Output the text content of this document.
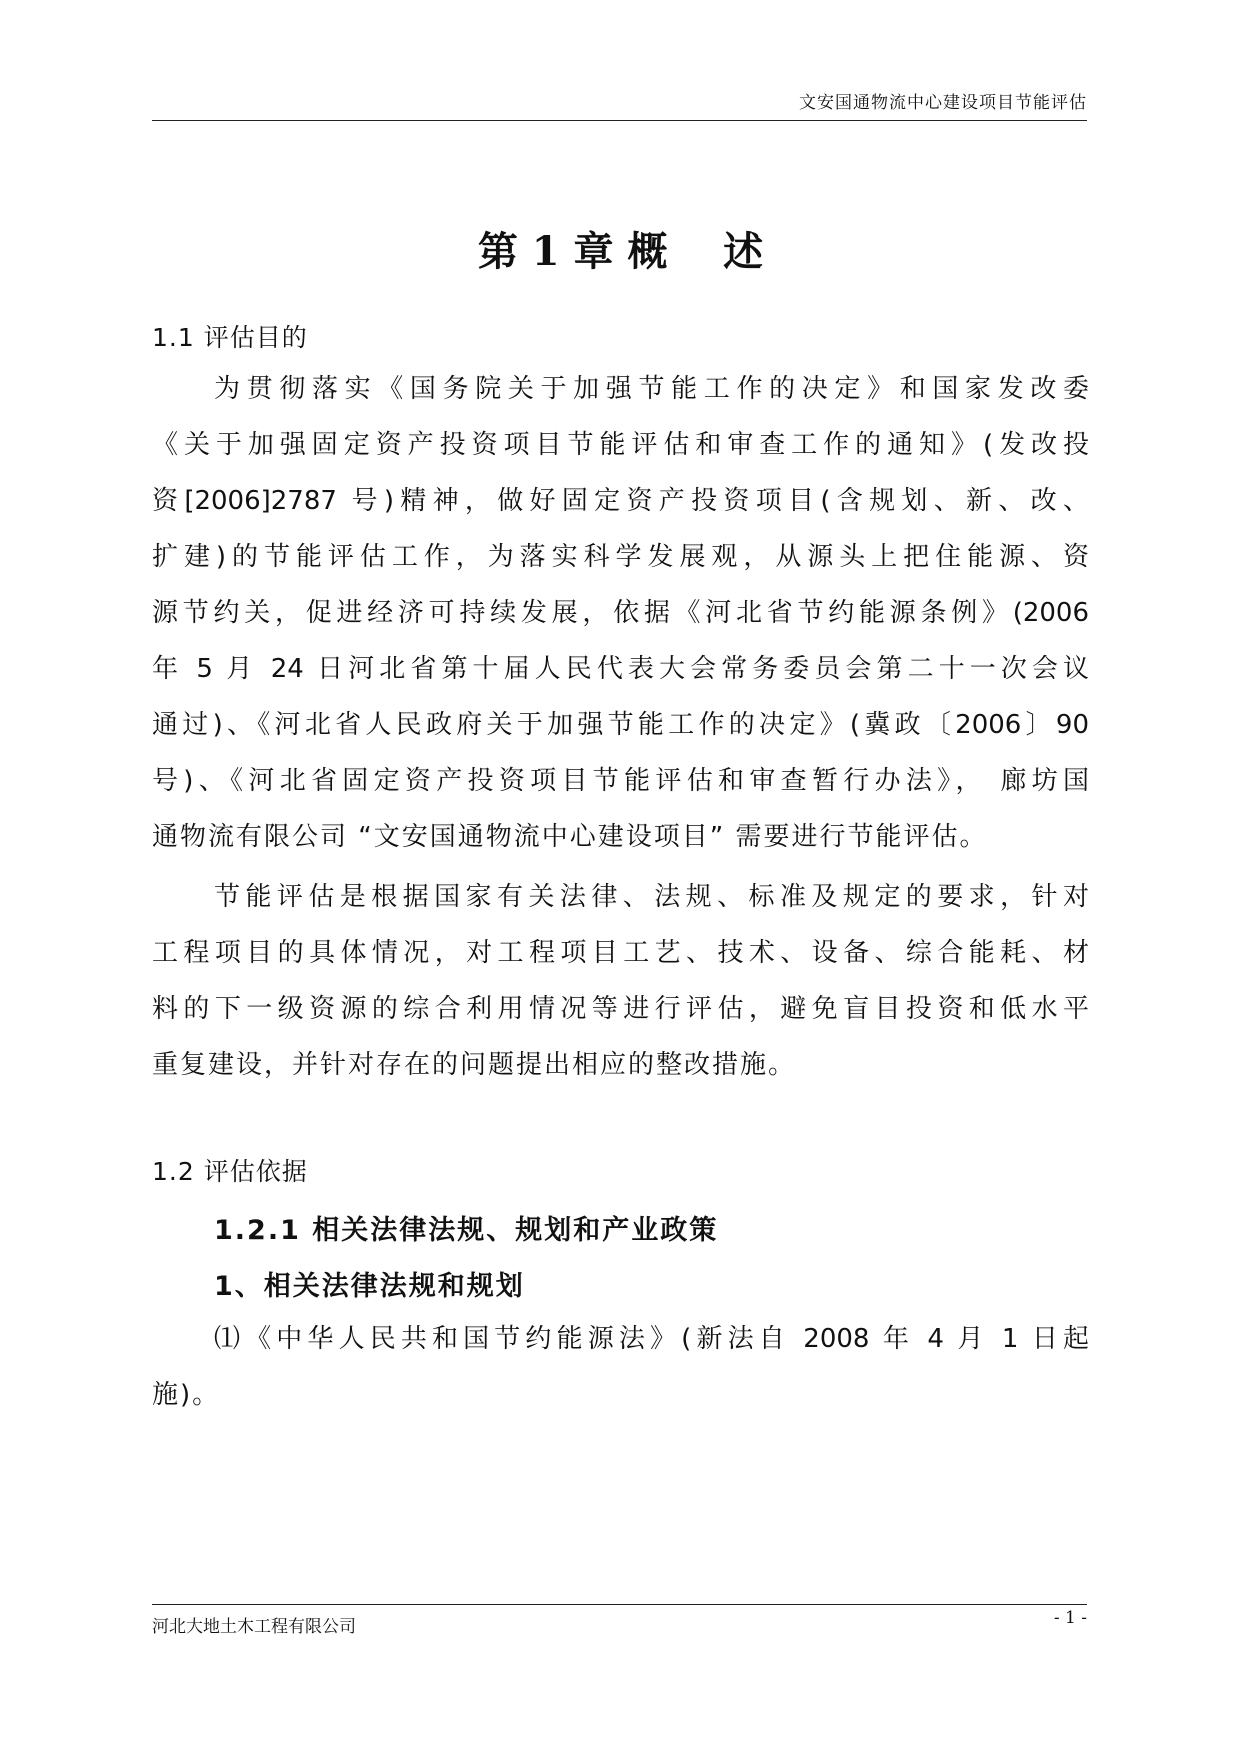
文安国通物流中心建设项目节能评估
第 1 章 概    述
1.1 评估目的
为贯彻落实《国务院关于加强节能工作的决定》和国家发改委
《关于加强固定资产投资项目节能评估和审查工作的通知》(发改投
资[2006]2787 号)精神，做好固定资产投资项目(含规划、新、改、
扩建)的节能评估工作，为落实科学发展观，从源头上把住能源、资
源节约关，促进经济可持续发展，依据《河北省节约能源条例》(2006
年 5 月 24 日河北省第十届人民代表大会常务委员会第二十一次会议
通过)、《河北省人民政府关于加强节能工作的决定》(冀政〔2006〕90
号)、《河北省固定资产投资项目节能评估和审查暂行办法》， 廊坊国
通物流有限公司 “文安国通物流中心建设项目” 需要进行节能评估。
节能评估是根据国家有关法律、法规、标准及规定的要求，针对
工程项目的具体情况，对工程项目工艺、技术、设备、综合能耗、材
料的下一级资源的综合利用情况等进行评估，避免盲目投资和低水平
重复建设，并针对存在的问题提出相应的整改措施。
1.2 评估依据
1.2.1 相关法律法规、规划和产业政策
1、相关法律法规和规划
⑴《中华人民共和国节约能源法》(新法自 2008 年 4 月 1 日起
施)。
河北大地土木工程有限公司	- 1 -
